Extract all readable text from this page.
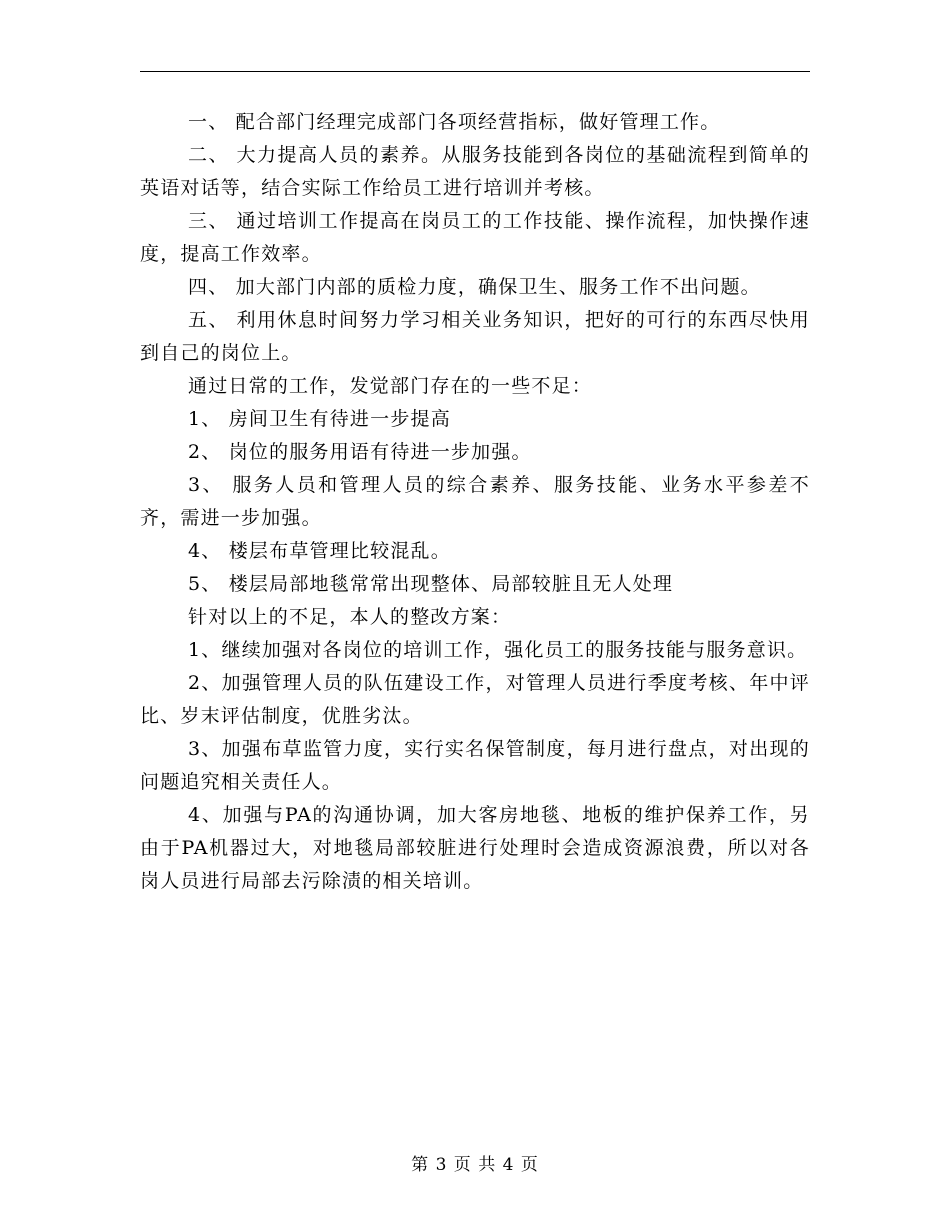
一、 配合部门经理完成部门各项经营指标，做好管理工作。

二、 大力提高人员的素养。从服务技能到各岗位的基础流程到简单的英语对话等，结合实际工作给员工进行培训并考核。

三、 通过培训工作提高在岗员工的工作技能、操作流程，加快操作速度，提高工作效率。

四、 加大部门内部的质检力度，确保卫生、服务工作不出问题。

五、 利用休息时间努力学习相关业务知识，把好的可行的东西尽快用到自己的岗位上。

通过日常的工作，发觉部门存在的一些不足：

1、 房间卫生有待进一步提高

2、 岗位的服务用语有待进一步加强。

3、 服务人员和管理人员的综合素养、服务技能、业务水平参差不齐，需进一步加强。

4、 楼层布草管理比较混乱。

5、 楼层局部地毯常常出现整体、局部较脏且无人处理

针对以上的不足，本人的整改方案：

1、继续加强对各岗位的培训工作，强化员工的服务技能与服务意识。

2、加强管理人员的队伍建设工作，对管理人员进行季度考核、年中评比、岁末评估制度，优胜劣汰。

3、加强布草监管力度，实行实名保管制度，每月进行盘点，对出现的问题追究相关责任人。

4、加强与PA的沟通协调，加大客房地毯、地板的维护保养工作，另由于PA机器过大，对地毯局部较脏进行处理时会造成资源浪费，所以对各岗人员进行局部去污除渍的相关培训。

第 3 页 共 4 页
